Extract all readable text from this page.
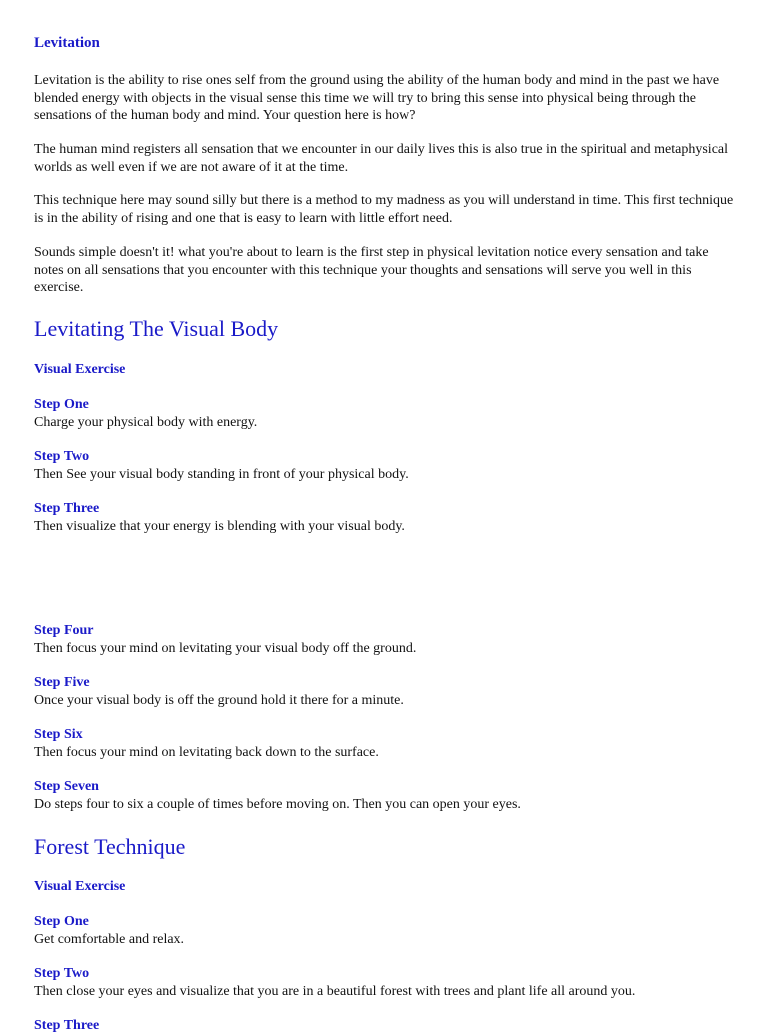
Levitation

Levitation is the ability to rise ones self from the ground using the ability of the human body and mind in the past we have blended energy with objects in the visual sense this time we will try to bring this sense into physical being through the sensations of the human body and mind. Your question here is how?

The human mind registers all sensation that we encounter in our daily lives this is also true in the spiritual and metaphysical worlds as well even if we are not aware of it at the time.

This technique here may sound silly but there is a method to my madness as you will understand in time. This first technique is in the ability of rising and one that is easy to learn with little effort need.

Sounds simple doesn't it! what you're about to learn is the first step in physical levitation notice every sensation and take notes on all sensations that you encounter with this technique your thoughts and sensations will serve you well in this exercise.

Levitating The Visual Body
Visual Exercise
Step One
Charge your physical body with energy.
Step Two
Then See your visual body standing in front of your physical body.
Step Three
Then visualize that your energy is blending with your visual body.
Step Four
Then focus your mind on levitating your visual body off the ground.
Step Five
Once your visual body is off the ground hold it there for a minute.
Step Six
Then focus your mind on levitating back down to the surface.
Step Seven
Do steps four to six a couple of times before moving on. Then you can open your eyes.
Forest Technique
Visual Exercise
Step One
Get comfortable and relax.
Step Two
Then close your eyes and visualize that you are in a beautiful forest with trees and plant life all around you.
Step Three
